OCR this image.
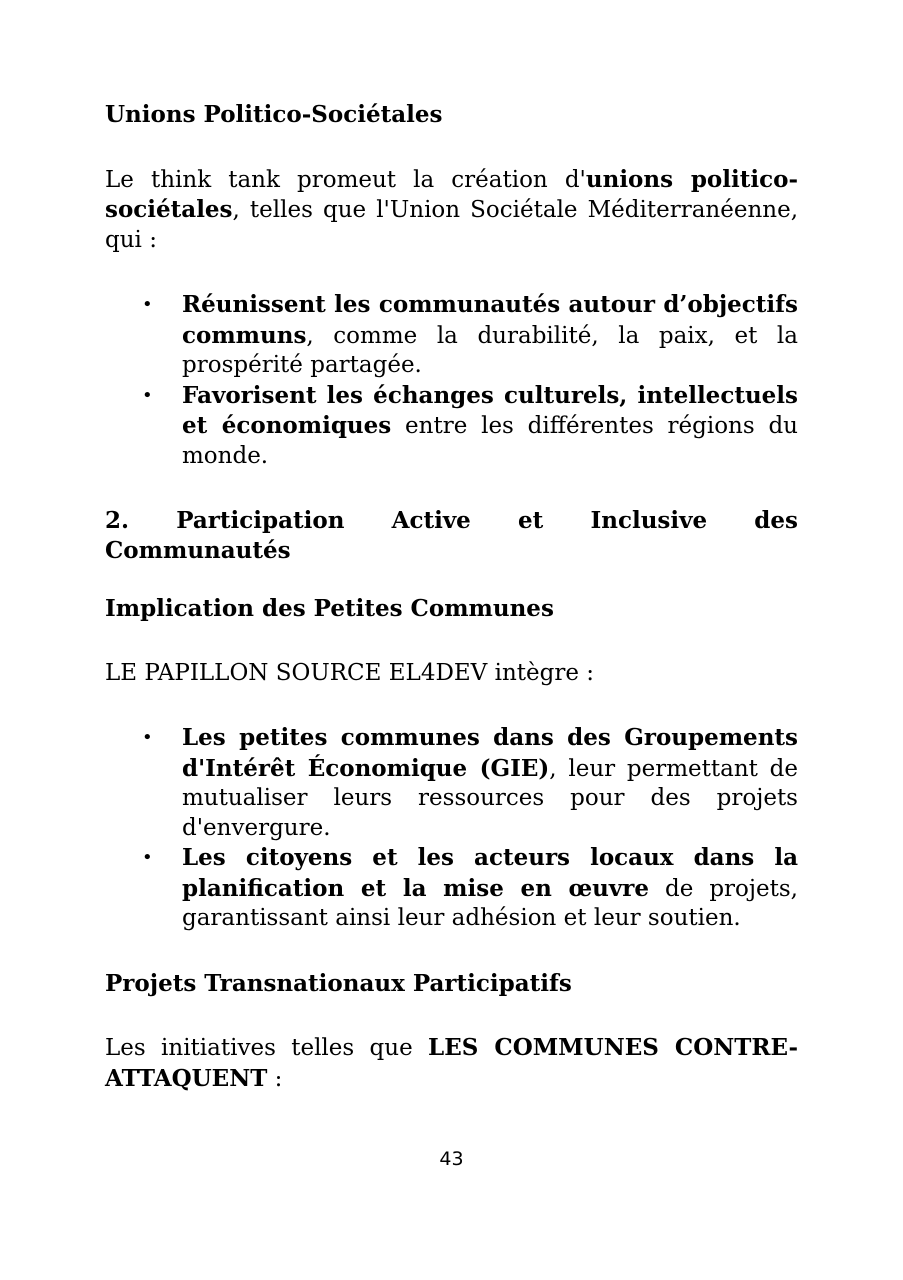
Unions Politico-Sociétales

Le think tank promeut la création d'unions politico-sociétales, telles que l'Union Sociétale Méditerranéenne, qui :

• Réunissent les communautés autour d’objectifs communs, comme la durabilité, la paix, et la prospérité partagée.
• Favorisent les échanges culturels, intellectuels et économiques entre les différentes régions du monde.
2. Participation Active et Inclusive des
Communautés

Implication des Petites Communes

LE PAPILLON SOURCE EL4DEV intègre :

• Les petites communes dans des Groupements d'Intérêt Économique (GIE), leur permettant de mutualiser leurs ressources pour des projets d'envergure.
• Les citoyens et les acteurs locaux dans la planification et la mise en œuvre de projets, garantissant ainsi leur adhésion et leur soutien.

Projets Transnationaux Participatifs

Les initiatives telles que LES COMMUNES CONTRE-ATTAQUENT :

43
